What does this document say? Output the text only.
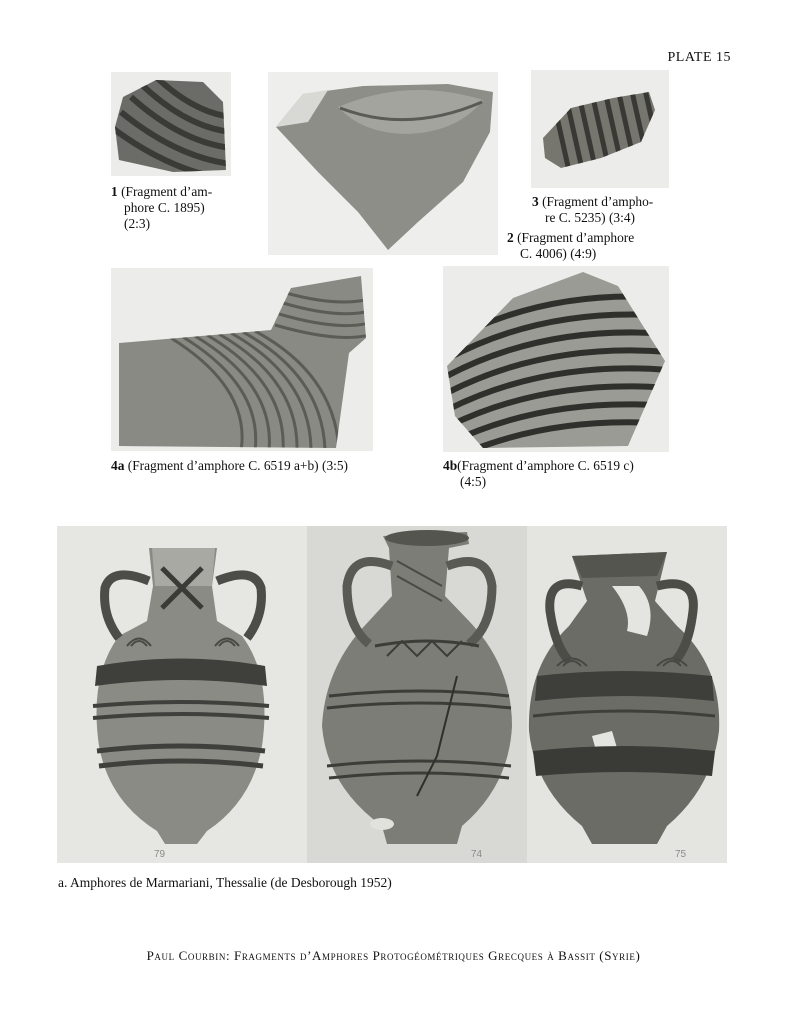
PLATE 15
1 (Fragment d’am-
phore C. 1895)
(2:3)
3 (Fragment d’ampho-
re C. 5235) (3:4)
2 (Fragment d’amphore
C. 4006) (4:9)
4a (Fragment d’amphore C. 6519 a+b) (3:5)	4b(Fragment d’amphore C. 6519 c)
(4:5)
79	74	75
a. Amphores de Marmariani, Thessalie (de Desborough 1952)
Paul Courbin: Fragments d’Amphores Protogéométriques Grecques à Bassit (Syrie)
